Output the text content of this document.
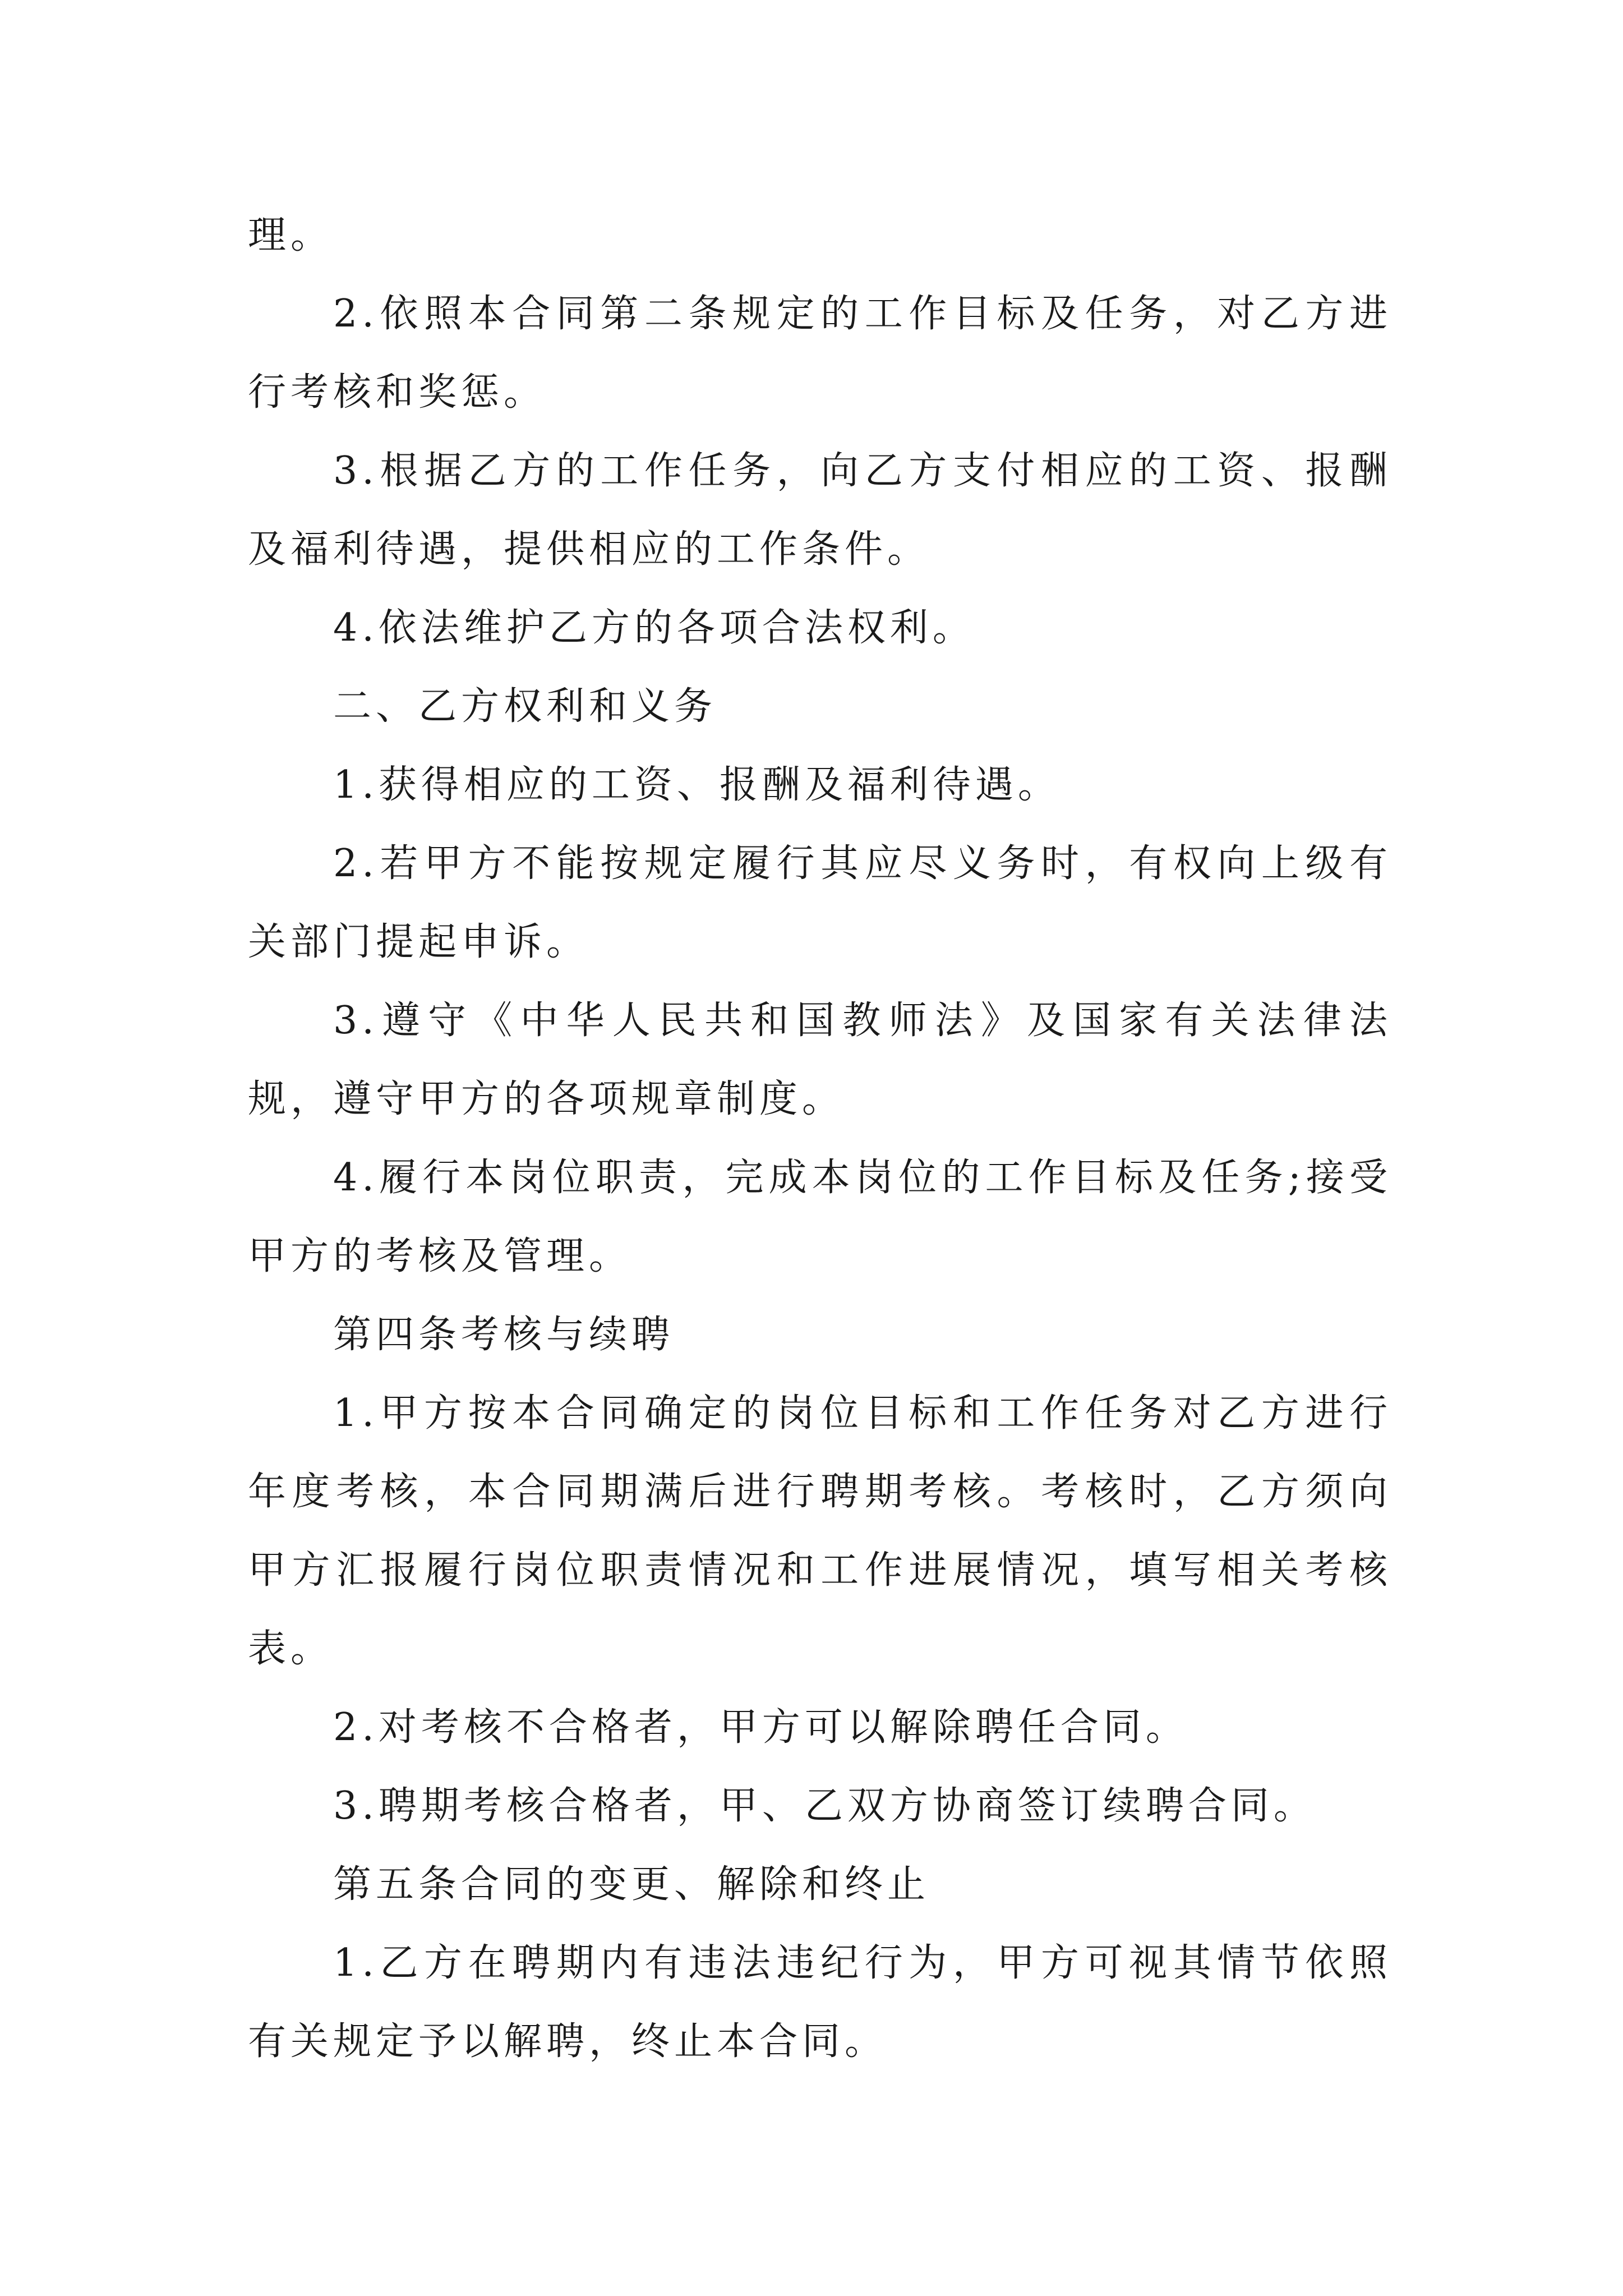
理。

2.依照本合同第二条规定的工作目标及任务，对乙方进行考核和奖惩。

3.根据乙方的工作任务，向乙方支付相应的工资、报酬及福利待遇，提供相应的工作条件。

4.依法维护乙方的各项合法权利。

二、乙方权利和义务

1.获得相应的工资、报酬及福利待遇。

2.若甲方不能按规定履行其应尽义务时，有权向上级有关部门提起申诉。

3.遵守《中华人民共和国教师法》及国家有关法律法规，遵守甲方的各项规章制度。

4.履行本岗位职责，完成本岗位的工作目标及任务;接受甲方的考核及管理。

第四条考核与续聘

1.甲方按本合同确定的岗位目标和工作任务对乙方进行年度考核，本合同期满后进行聘期考核。考核时，乙方须向甲方汇报履行岗位职责情况和工作进展情况，填写相关考核表。

2.对考核不合格者，甲方可以解除聘任合同。

3.聘期考核合格者，甲、乙双方协商签订续聘合同。

第五条合同的变更、解除和终止

1.乙方在聘期内有违法违纪行为，甲方可视其情节依照有关规定予以解聘，终止本合同。
